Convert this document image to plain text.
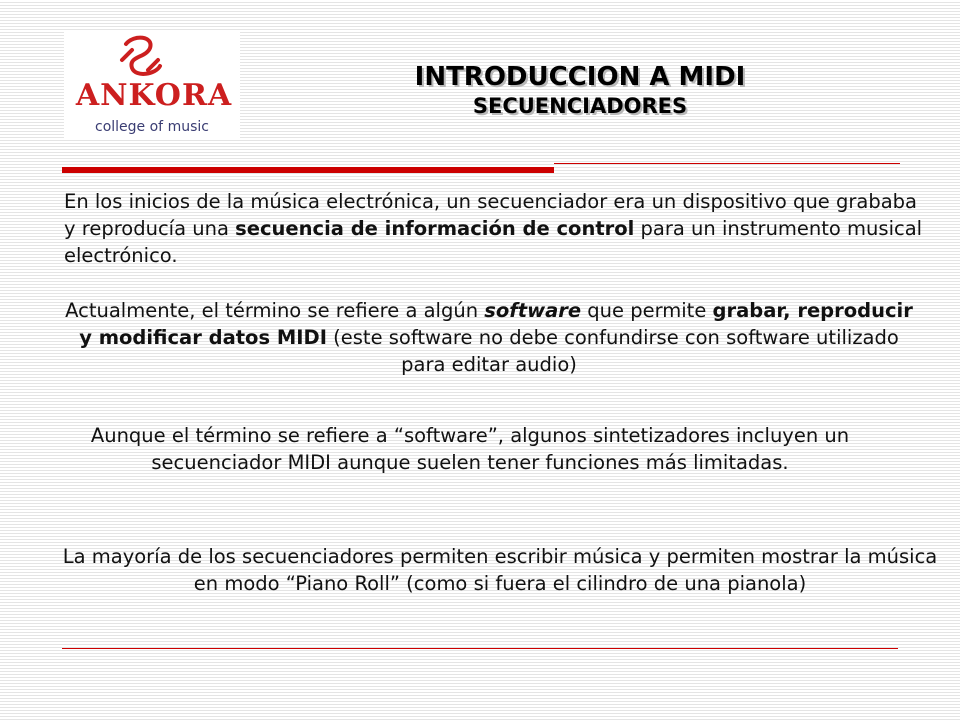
ANKORA
college of music
INTRODUCCION A MIDI
SECUENCIADORES
En los inicios de la música electrónica, un secuenciador era un dispositivo que grababa y reproducía una secuencia de información de control para un instrumento musical electrónico.
Actualmente, el término se refiere a algún software que permite grabar, reproducir y modificar datos MIDI (este software no debe confundirse con software utilizado para editar audio)
Aunque el término se refiere a “software”, algunos sintetizadores incluyen un secuenciador MIDI aunque suelen tener funciones más limitadas.
La mayoría de los secuenciadores permiten escribir música y permiten mostrar la música en modo “Piano Roll” (como si fuera el cilindro de una pianola)
